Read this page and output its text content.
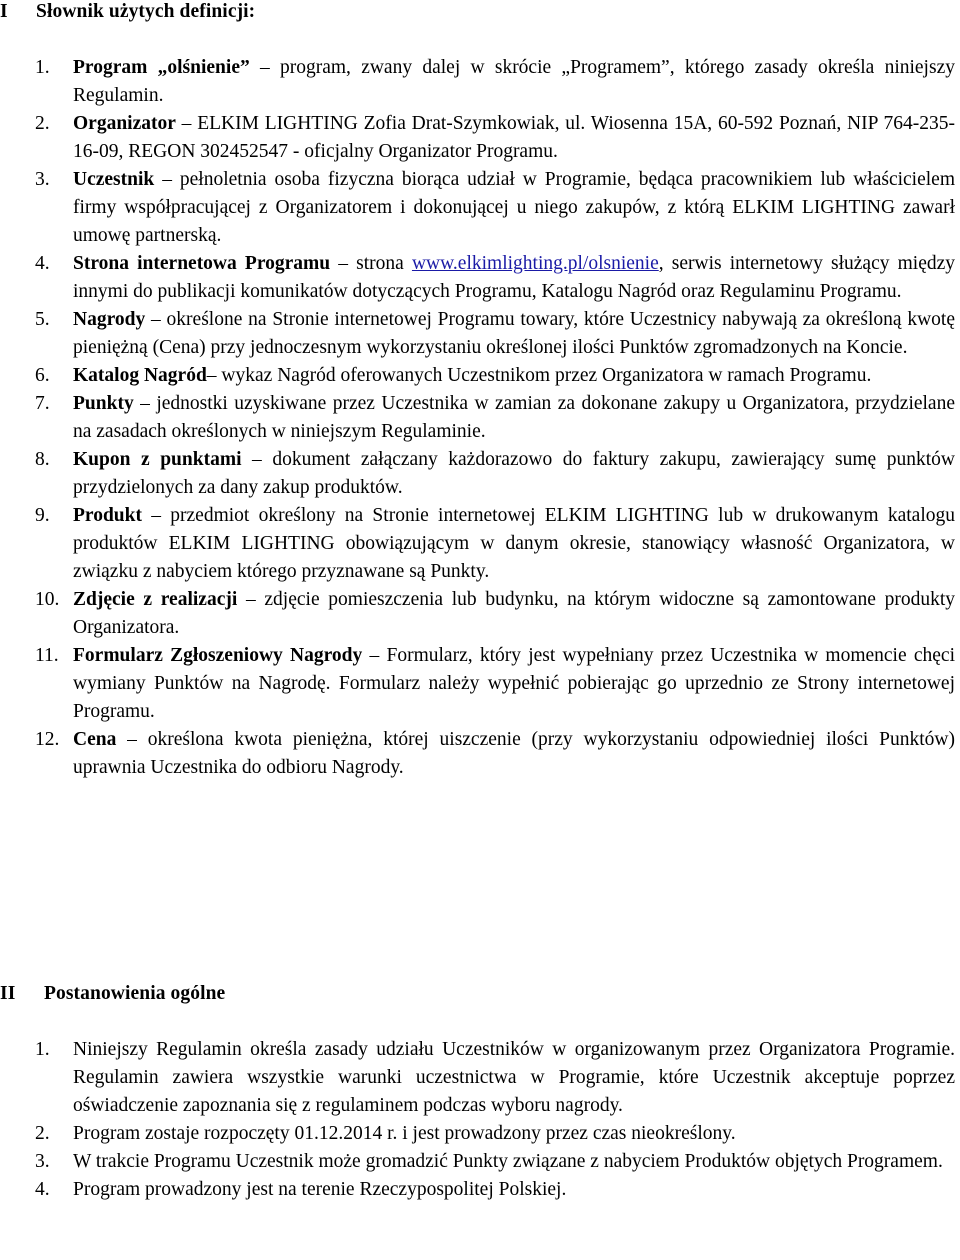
I Słownik użytych definicji:
1. Program „olśnienie” – program, zwany dalej w skrócie „Programem”, którego zasady określa niniejszy Regulamin.
2. Organizator – ELKIM LIGHTING Zofia Drat-Szymkowiak, ul. Wiosenna 15A, 60-592 Poznań, NIP 764-235-16-09, REGON 302452547 - oficjalny Organizator Programu.
3. Uczestnik – pełnoletnia osoba fizyczna biorąca udział w Programie, będąca pracownikiem lub właścicielem firmy współpracującej z Organizatorem i dokonującej u niego zakupów, z którą ELKIM LIGHTING zawarł umowę partnerską.
4. Strona internetowa Programu – strona www.elkimlighting.pl/olsnienie, serwis internetowy służący między innymi do publikacji komunikatów dotyczących Programu, Katalogu Nagród oraz Regulaminu Programu.
5. Nagrody – określone na Stronie internetowej Programu towary, które Uczestnicy nabywają za określoną kwotę pieniężną (Cena) przy jednoczesnym wykorzystaniu określonej ilości Punktów zgromadzonych na Koncie.
6. Katalog Nagród– wykaz Nagród oferowanych Uczestnikom przez Organizatora w ramach Programu.
7. Punkty – jednostki uzyskiwane przez Uczestnika w zamian za dokonane zakupy u Organizatora, przydzielane na zasadach określonych w niniejszym Regulaminie.
8. Kupon z punktami – dokument załączany każdorazowo do faktury zakupu, zawierający sumę punktów przydzielonych za dany zakup produktów.
9. Produkt – przedmiot określony na Stronie internetowej ELKIM LIGHTING lub w drukowanym katalogu produktów ELKIM LIGHTING obowiązującym w danym okresie, stanowiący własność Organizatora, w związku z nabyciem którego przyznawane są Punkty.
10. Zdjęcie z realizacji – zdjęcie pomieszczenia lub budynku, na którym widoczne są zamontowane produkty Organizatora.
11. Formularz Zgłoszeniowy Nagrody – Formularz, który jest wypełniany przez Uczestnika w momencie chęci wymiany Punktów na Nagrodę. Formularz należy wypełnić pobierając go uprzednio ze Strony internetowej Programu.
12. Cena – określona kwota pieniężna, której uiszczenie (przy wykorzystaniu odpowiedniej ilości Punktów) uprawnia Uczestnika do odbioru Nagrody.
II Postanowienia ogólne
1. Niniejszy Regulamin określa zasady udziału Uczestników w organizowanym przez Organizatora Programie. Regulamin zawiera wszystkie warunki uczestnictwa w Programie, które Uczestnik akceptuje poprzez oświadczenie zapoznania się z regulaminem podczas wyboru nagrody.
2. Program zostaje rozpoczęty 01.12.2014 r. i jest prowadzony przez czas nieokreślony.
3. W trakcie Programu Uczestnik może gromadzić Punkty związane z nabyciem Produktów objętych Programem.
4. Program prowadzony jest na terenie Rzeczypospolitej Polskiej.
